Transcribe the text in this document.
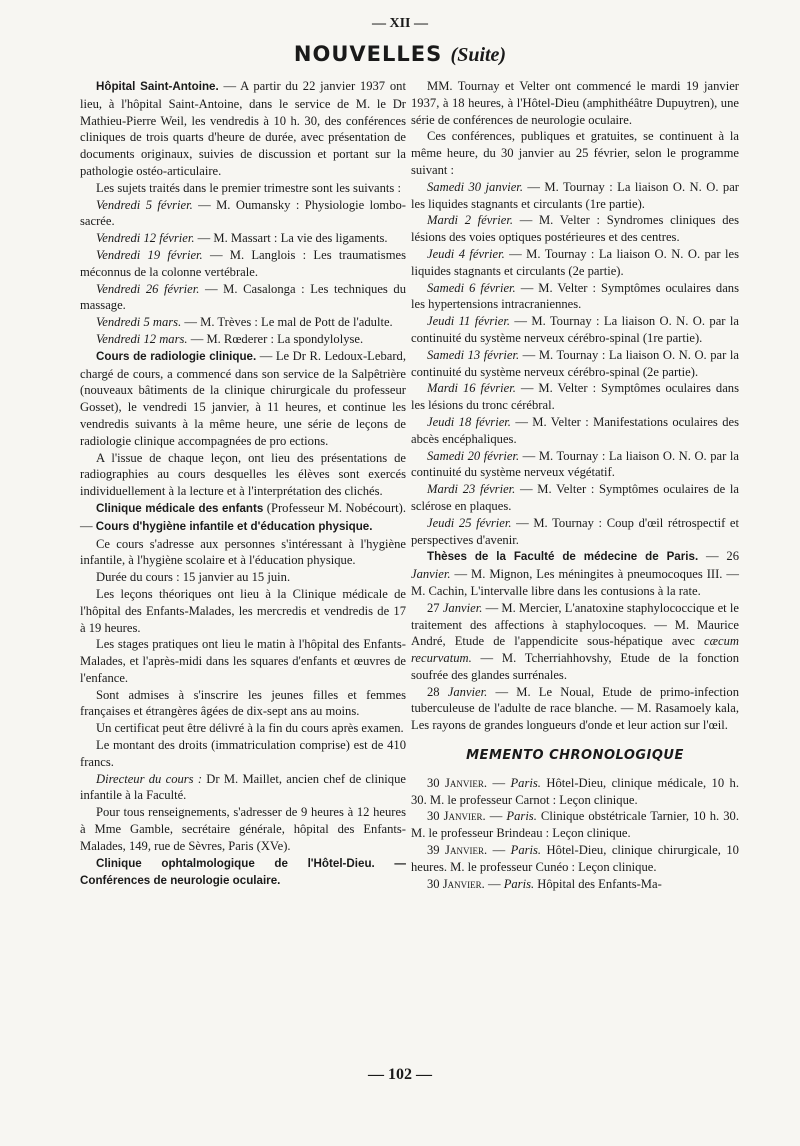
— XII —
NOUVELLES (Suite)

Hôpital Saint-Antoine. — A partir du 22 janvier 1937 ont lieu, à l'hôpital Saint-Antoine, dans le service de M. le Dr Mathieu-Pierre Weil, les vendredis à 10 h. 30, des conférences cliniques de trois quarts d'heure de durée, avec présentation de documents originaux, suivies de discussion et portant sur la pathologie ostéo-articulaire.

Les sujets traités dans le premier trimestre sont les suivants :

Vendredi 5 février. — M. Oumansky : Physiologie lombo-sacrée.

Vendredi 12 février. — M. Massart : La vie des ligaments.

Vendredi 19 février. — M. Langlois : Les traumatismes méconnus de la colonne vertébrale.

Vendredi 26 février. — M. Casalonga : Les techniques du massage.

Vendredi 5 mars. — M. Trèves : Le mal de Pott de l'adulte.

Vendredi 12 mars. — M. Rœderer : La spondylolyse.

Cours de radiologie clinique. — Le Dr R. Ledoux-Lebard, chargé de cours, a commencé dans son service de la Salpêtrière (nouveaux bâtiments de la clinique chirurgicale du professeur Gosset), le vendredi 15 janvier, à 11 heures, et continue les vendredis suivants à la même heure, une série de leçons de radiologie clinique accompagnées de pro ections.

A l'issue de chaque leçon, ont lieu des présentations de radiographies au cours desquelles les élèves sont exercés individuellement à la lecture et à l'interprétation des clichés.

Clinique médicale des enfants (Professeur M. Nobécourt). — Cours d'hygiène infantile et d'éducation physique.

Ce cours s'adresse aux personnes s'intéressant à l'hygiène infantile, à l'hygiène scolaire et à l'éducation physique.

Durée du cours : 15 janvier au 15 juin.

Les leçons théoriques ont lieu à la Clinique médicale de l'hôpital des Enfants-Malades, les mercredis et vendredis de 17 à 19 heures.

Les stages pratiques ont lieu le matin à l'hôpital des Enfants-Malades, et l'après-midi dans les squares d'enfants et œuvres de l'enfance.

Sont admises à s'inscrire les jeunes filles et femmes françaises et étrangères âgées de dix-sept ans au moins.

Un certificat peut être délivré à la fin du cours après examen.

Le montant des droits (immatriculation comprise) est de 410 francs.

Directeur du cours : Dr M. Maillet, ancien chef de clinique infantile à la Faculté.

Pour tous renseignements, s'adresser de 9 heures à 12 heures à Mme Gamble, secrétaire générale, hôpital des Enfants-Malades, 149, rue de Sèvres, Paris (XVe).

Clinique ophtalmologique de l'Hôtel-Dieu. — Conférences de neurologie oculaire.

MM. Tournay et Velter ont commencé le mardi 19 janvier 1937, à 18 heures, à l'Hôtel-Dieu (amphithéâtre Dupuytren), une série de conférences de neurologie oculaire.

Ces conférences, publiques et gratuites, se continuent à la même heure, du 30 janvier au 25 février, selon le programme suivant :

Samedi 30 janvier. — M. Tournay : La liaison O. N. O. par les liquides stagnants et circulants (1re partie).

Mardi 2 février. — M. Velter : Syndromes cliniques des lésions des voies optiques postérieures et des centres.

Jeudi 4 février. — M. Tournay : La liaison O. N. O. par les liquides stagnants et circulants (2e partie).

Samedi 6 février. — M. Velter : Symptômes oculaires dans les hypertensions intracraniennes.

Jeudi 11 février. — M. Tournay : La liaison O. N. O. par la continuité du système nerveux cérébro-spinal (1re partie).

Samedi 13 février. — M. Tournay : La liaison O. N. O. par la continuité du système nerveux cérébro-spinal (2e partie).

Mardi 16 février. — M. Velter : Symptômes oculaires dans les lésions du tronc cérébral.

Jeudi 18 février. — M. Velter : Manifestations oculaires des abcès encéphaliques.

Samedi 20 février. — M. Tournay : La liaison O. N. O. par la continuité du système nerveux végétatif.

Mardi 23 février. — M. Velter : Symptômes oculaires de la sclérose en plaques.

Jeudi 25 février. — M. Tournay : Coup d'œil rétrospectif et perspectives d'avenir.

Thèses de la Faculté de médecine de Paris. — 26 Janvier. — M. Mignon, Les méningites à pneumocoques III. — M. Cachin, L'intervalle libre dans les contusions à la rate.

27 Janvier. — M. Mercier, L'anatoxine staphylococcique et le traitement des affections à staphylocoques. — M. Maurice André, Etude de l'appendicite sous-hépatique avec cæcum recurvatum. — M. Tcherriahhovshy, Etude de la fonction soufrée des glandes surrénales.

28 Janvier. — M. Le Noual, Etude de primo-infection tuberculeuse de l'adulte de race blanche. — M. Rasamoely kala, Les rayons de grandes longueurs d'onde et leur action sur l'œil.

MEMENTO CHRONOLOGIQUE

30 Janvier. — Paris. Hôtel-Dieu, clinique médicale, 10 h. 30. M. le professeur Carnot : Leçon clinique.

30 Janvier. — Paris. Clinique obstétricale Tarnier, 10 h. 30. M. le professeur Brindeau : Leçon clinique.

39 Janvier. — Paris. Hôtel-Dieu, clinique chirurgicale, 10 heures. M. le professeur Cunéo : Leçon clinique.

30 Janvier. — Paris. Hôpital des Enfants-Ma-

— 102 —
